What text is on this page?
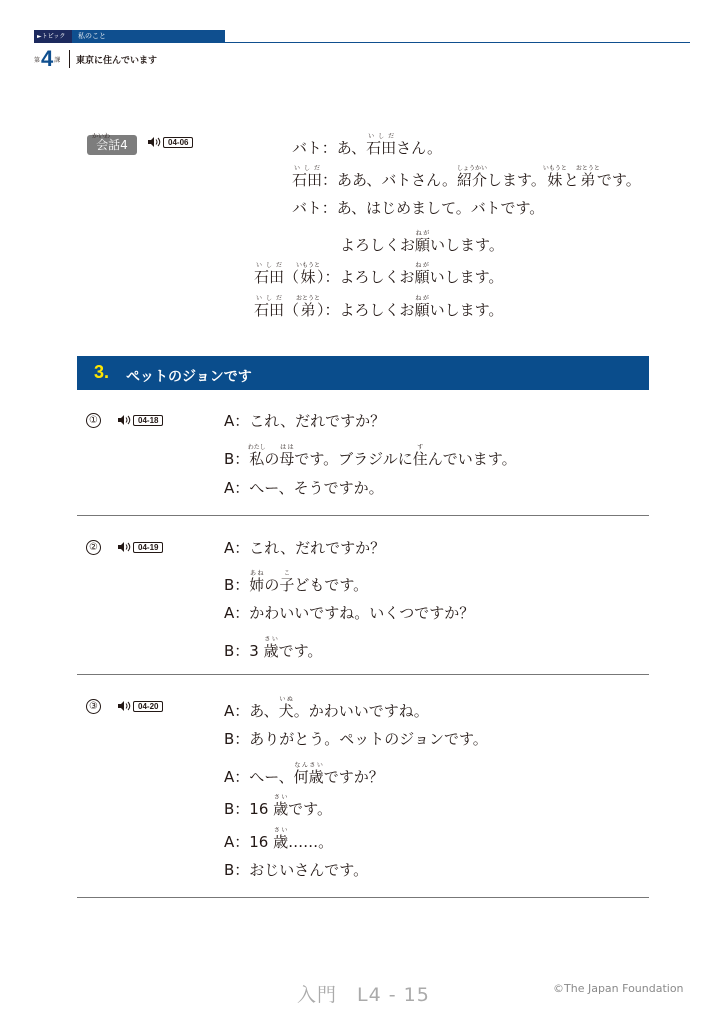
►トピック	私のこと
第 4 課 東京に住んでいます
かいわ
会話4	04-06	バト：あ、石田いしださん。
石田いしだ：ああ、バトさん。紹介しょうかいします。妹いもうとと弟おとうとです。
バト：あ、はじめまして。バトです。
よろしくお願ねがいします。
石田いしだ（妹いもうと）：よろしくお願ねがいします。
石田いしだ（弟おとうと）：よろしくお願ねがいします。
3. ペットのジョンです
①	04-18	A：これ、だれですか？
B：私わたしの母ははです。ブラジルに住すんでいます。
A：へー、そうですか。
②	04-19	A：これ、だれですか？
B：姉あねの子こどもです。
A：かわいいですね。いくつですか？
B：3 歳さいです。
③	04-20	A：あ、犬いぬ。かわいいですね。
B：ありがとう。ペットのジョンです。
A：へー、何歳なんさいですか？
B：16 歳さいです。
A：16 歳さい……。
B：おじいさんです。
入門　L4 - 15	©The Japan Foundation
